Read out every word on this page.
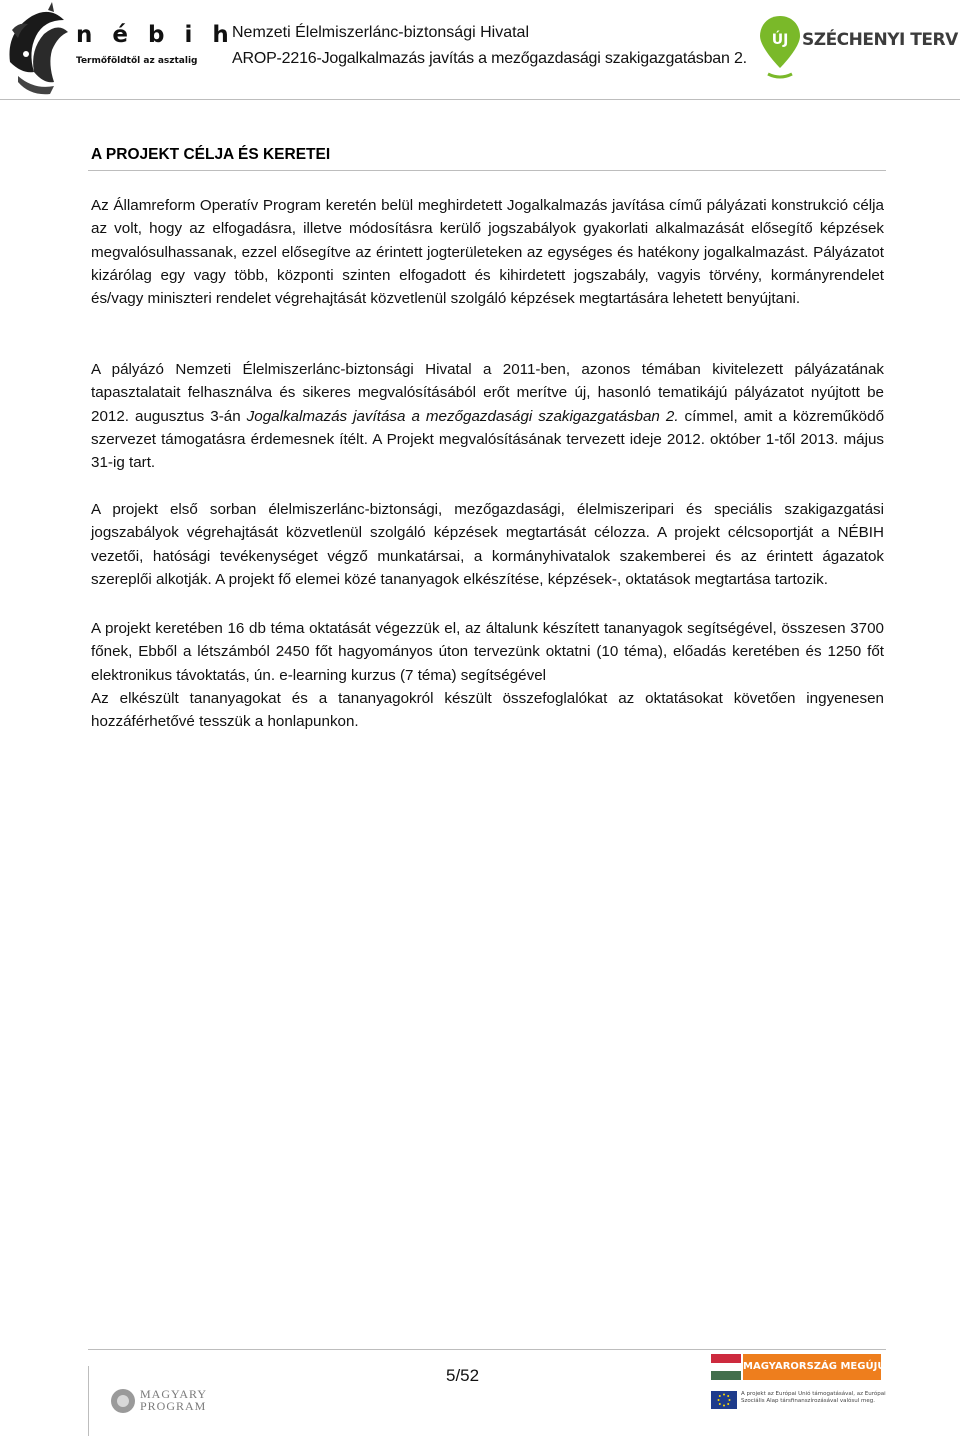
n é b i h
Termőföldtől az asztalig
Nemzeti Élelmiszerlánc-biztonsági Hivatal
AROP-2216-Jogalkalmazás javítás a mezőgazdasági szakigazgatásban 2.
ÚJ SZÉCHENYI TERV
A PROJEKT CÉLJA ÉS KERETEI

Az Államreform Operatív Program keretén belül meghirdetett Jogalkalmazás javítása című pályázati konstrukció célja az volt, hogy az elfogadásra, illetve módosításra kerülő jogszabályok gyakorlati alkalmazását elősegítő képzések megvalósulhassanak, ezzel elősegítve az érintett jogterületeken az egységes és hatékony jogalkalmazást. Pályázatot kizárólag egy vagy több, központi szinten elfogadott és kihirdetett jogszabály, vagyis törvény, kormányrendelet és/vagy miniszteri rendelet végrehajtását közvetlenül szolgáló képzések megtartására lehetett benyújtani.

A pályázó Nemzeti Élelmiszerlánc-biztonsági Hivatal a 2011-ben, azonos témában kivitelezett pályázatának tapasztalatait felhasználva és sikeres megvalósításából erőt merítve új, hasonló tematikájú pályázatot nyújtott be 2012. augusztus 3-án Jogalkalmazás javítása a mezőgazdasági szakigazgatásban 2. címmel, amit a közreműködő szervezet támogatásra érdemesnek ítélt. A Projekt megvalósításának tervezett ideje 2012. október 1-től 2013. május 31-ig tart.

A projekt első sorban élelmiszerlánc-biztonsági, mezőgazdasági, élelmiszeripari és speciális szakigazgatási jogszabályok végrehajtását közvetlenül szolgáló képzések megtartását célozza. A projekt célcsoportját a NÉBIH vezetői, hatósági tevékenységet végző munkatársai, a kormányhivatalok szakemberei és az érintett ágazatok szereplői alkotják. A projekt fő elemei közé tananyagok elkészítése, képzések-, oktatások megtartása tartozik.

A projekt keretében 16 db téma oktatását végezzük el, az általunk készített tananyagok segítségével, összesen 3700 főnek, Ebből a létszámból 2450 főt hagyományos úton tervezünk oktatni (10 téma), előadás keretében és 1250 főt elektronikus távoktatás, ún. e-learning kurzus (7 téma) segítségével

Az elkészült tananyagokat és a tananyagokról készült összefoglalókat az oktatásokat követően ingyenesen hozzáférhetővé tesszük a honlapunkon.

MAGYARY
PROGRAM
5/52	MAGYARORSZÁG MEGÚJUL
A projekt az Európai Unió támogatásával, az Európai
Szociális Alap társfinanszírozásával valósul meg.
